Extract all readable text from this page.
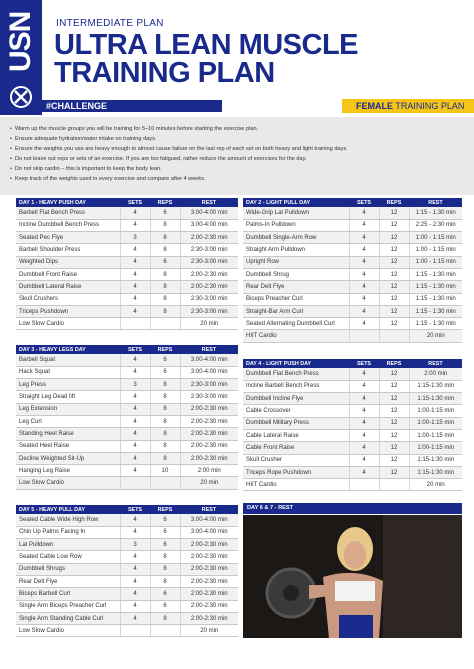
USN INTERMEDIATE PLAN
ULTRA LEAN MUSCLE
TRAINING PLAN
#CHALLENGE	FEMALE TRAINING PLAN
• Warm up the muscle groups you will be training for 5–10 minutes before starting the exercise plan.
• Ensure adequate hydration/water intake on training days.
• Ensure the weights you use are heavy enough to almost cause failure on the last rep of each set on both heavy and light training days.
• Do not leave out reps or sets of an exercise. If you are too fatigued, rather reduce the amount of exercises for the day.
• Do not skip cardio – this is important to keep the body lean.
• Keep track of the weights used in every exercise and compare after 4 weeks.
DAY 1 - HEAVY PUSH DAY	SETS	REPS	REST
Barbell Flat Bench Press	4	6	3:00-4:00 min
Incline Dumbbell Bench Press	4	8	3:00-4:00 min
Seated Pec Flye	3	8	2:00-2:30 min
Barbell Shoulder Press	4	8	2:30-3:00 min
Weighted Dips	4	6	2:30-3:00 min
Dumbbell Front Raise	4	8	2:00-2:30 min
Dumbbell Lateral Raise	4	8	2:00-2:30 min
Skull Crushers	4	8	2:30-3:00 min
Triceps Pushdown	4	8	2:30-3:00 min
Low Slow Cardio			20 min
DAY 2 - LIGHT PULL DAY	SETS	REPS	REST
Wide-Grip Lat Pulldown	4	12	1:15 - 1:30 min
Palms-In Pulldown	4	12	2:25 - 2:30 min
Dumbbell Single-Arm Row	4	12	1:00 - 1:15 min
Straight Arm Pulldown	4	12	1:00 - 1:15 min
Upright Row	4	12	1:00 - 1:15 min
Dumbbell Shrug	4	12	1:15 - 1:30 min
Rear Delt Flye	4	12	1:15 - 1:30 min
Biceps Preacher Curl	4	12	1:15 - 1:30 min
Straight-Bar Arm Curl	4	12	1:15 - 1:30 min
Seated Alternating Dumbbell Curl	4	12	1:15 - 1:30 min
HIIT Cardio			20 min
DAY 3 - HEAVY LEGS DAY	SETS	REPS	REST
Barbell Squat	4	6	3:00-4:00 min
Hack Squat	4	6	3:00-4:00 min
Leg Press	3	8	2:30-3:00 min
Straight Leg Dead lift	4	8	2:30-3:00 min
Leg Extension	4	8	2:00-2:30 min
Leg Curl	4	8	2:00-2:30 min
Standing Heel Raise	4	8	2:00-2:30 min
Seated Heel Raise	4	8	2:00-2:30 min
Decline Weighted Sit-Up	4	8	2:00-2:30 min
Hanging Leg Raise	4	10	2:00 min
Low Slow Cardio			20 min
DAY 4 - LIGHT PUSH DAY	SETS	REPS	REST
Dumbbell Flat Bench Press	4	12	2:00 min
Incline Barbell Bench Press	4	12	1:15-1:30 min
Dumbbell Incline Flye	4	12	1:15-1:30 min
Cable Crossover	4	12	1:00-1:15 min
Dumbbell Military Press	4	12	1:00-1:15 min
Cable Lateral Raise	4	12	1:00-1:15 min
Cable Front Raise	4	12	1:00-1:15 min
Skull Crusher	4	12	1:15-1:30 min
Triceps Rope Pushdown	4	12	1:15-1:30 min
HIIT Cardio			20 min
DAY 5 - HEAVY PULL DAY	SETS	REPS	REST
Seated Cable Wide High Row	4	6	3:00-4:00 min
Chin Up Palms Facing In	4	6	3:00-4:00 min
Lat Pulldown	3	6	2:00-2:30 min
Seated Cable Low Row	4	8	2:00-2:30 min
Dumbbell Shrugs	4	8	2:00-2:30 min
Rear Delt Flye	4	8	2:00-2:30 min
Biceps Barbell Curl	4	6	2:00-2:30 min
Single Arm Biceps Preacher Curl	4	6	2:00-2:30 min
Single Arm Standing Cable Curl	4	8	2:00-2:30 min
Low Slow Cardio			20 min
DAY 6 & 7 - REST
